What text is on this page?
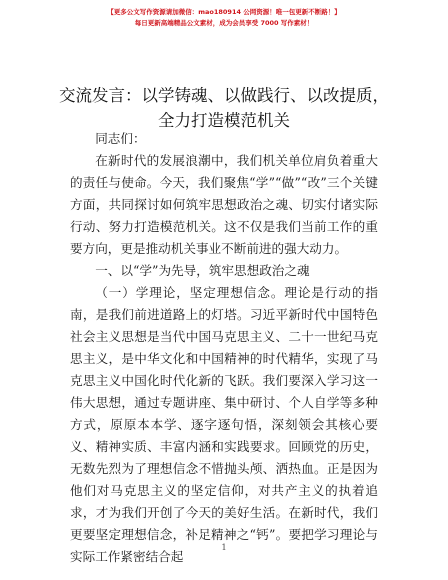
【更多公文写作资源请加微信：mao180914 公网资源！唯一包更新不断路！】
每日更新高端精品公文素材，成为会员享受 7000 写作素材！
交流发言：以学铸魂、以做践行、以改提质，
全力打造模范机关

同志们：

在新时代的发展浪潮中，我们机关单位肩负着重大的责任与使命。今天，我们聚焦“学”“做”“改”三个关键方面，共同探讨如何筑牢思想政治之魂、切实付诸实际行动、努力打造模范机关。这不仅是我们当前工作的重要方向，更是推动机关事业不断前进的强大动力。

一、以“学”为先导，筑牢思想政治之魂

（一）学理论，坚定理想信念。理论是行动的指南，是我们前进道路上的灯塔。习近平新时代中国特色社会主义思想是当代中国马克思主义、二十一世纪马克思主义，是中华文化和中国精神的时代精华，实现了马克思主义中国化时代化新的飞跃。我们要深入学习这一伟大思想，通过专题讲座、集中研讨、个人自学等多种方式，原原本本学、逐字逐句悟，深刻领会其核心要义、精神实质、丰富内涵和实践要求。回顾党的历史，无数先烈为了理想信念不惜抛头颅、洒热血。正是因为他们对马克思主义的坚定信仰，对共产主义的执着追求，才为我们开创了今天的美好生活。在新时代，我们更要坚定理想信念，补足精神之“钙”。要把学习理论与实际工作紧密结合起

1
